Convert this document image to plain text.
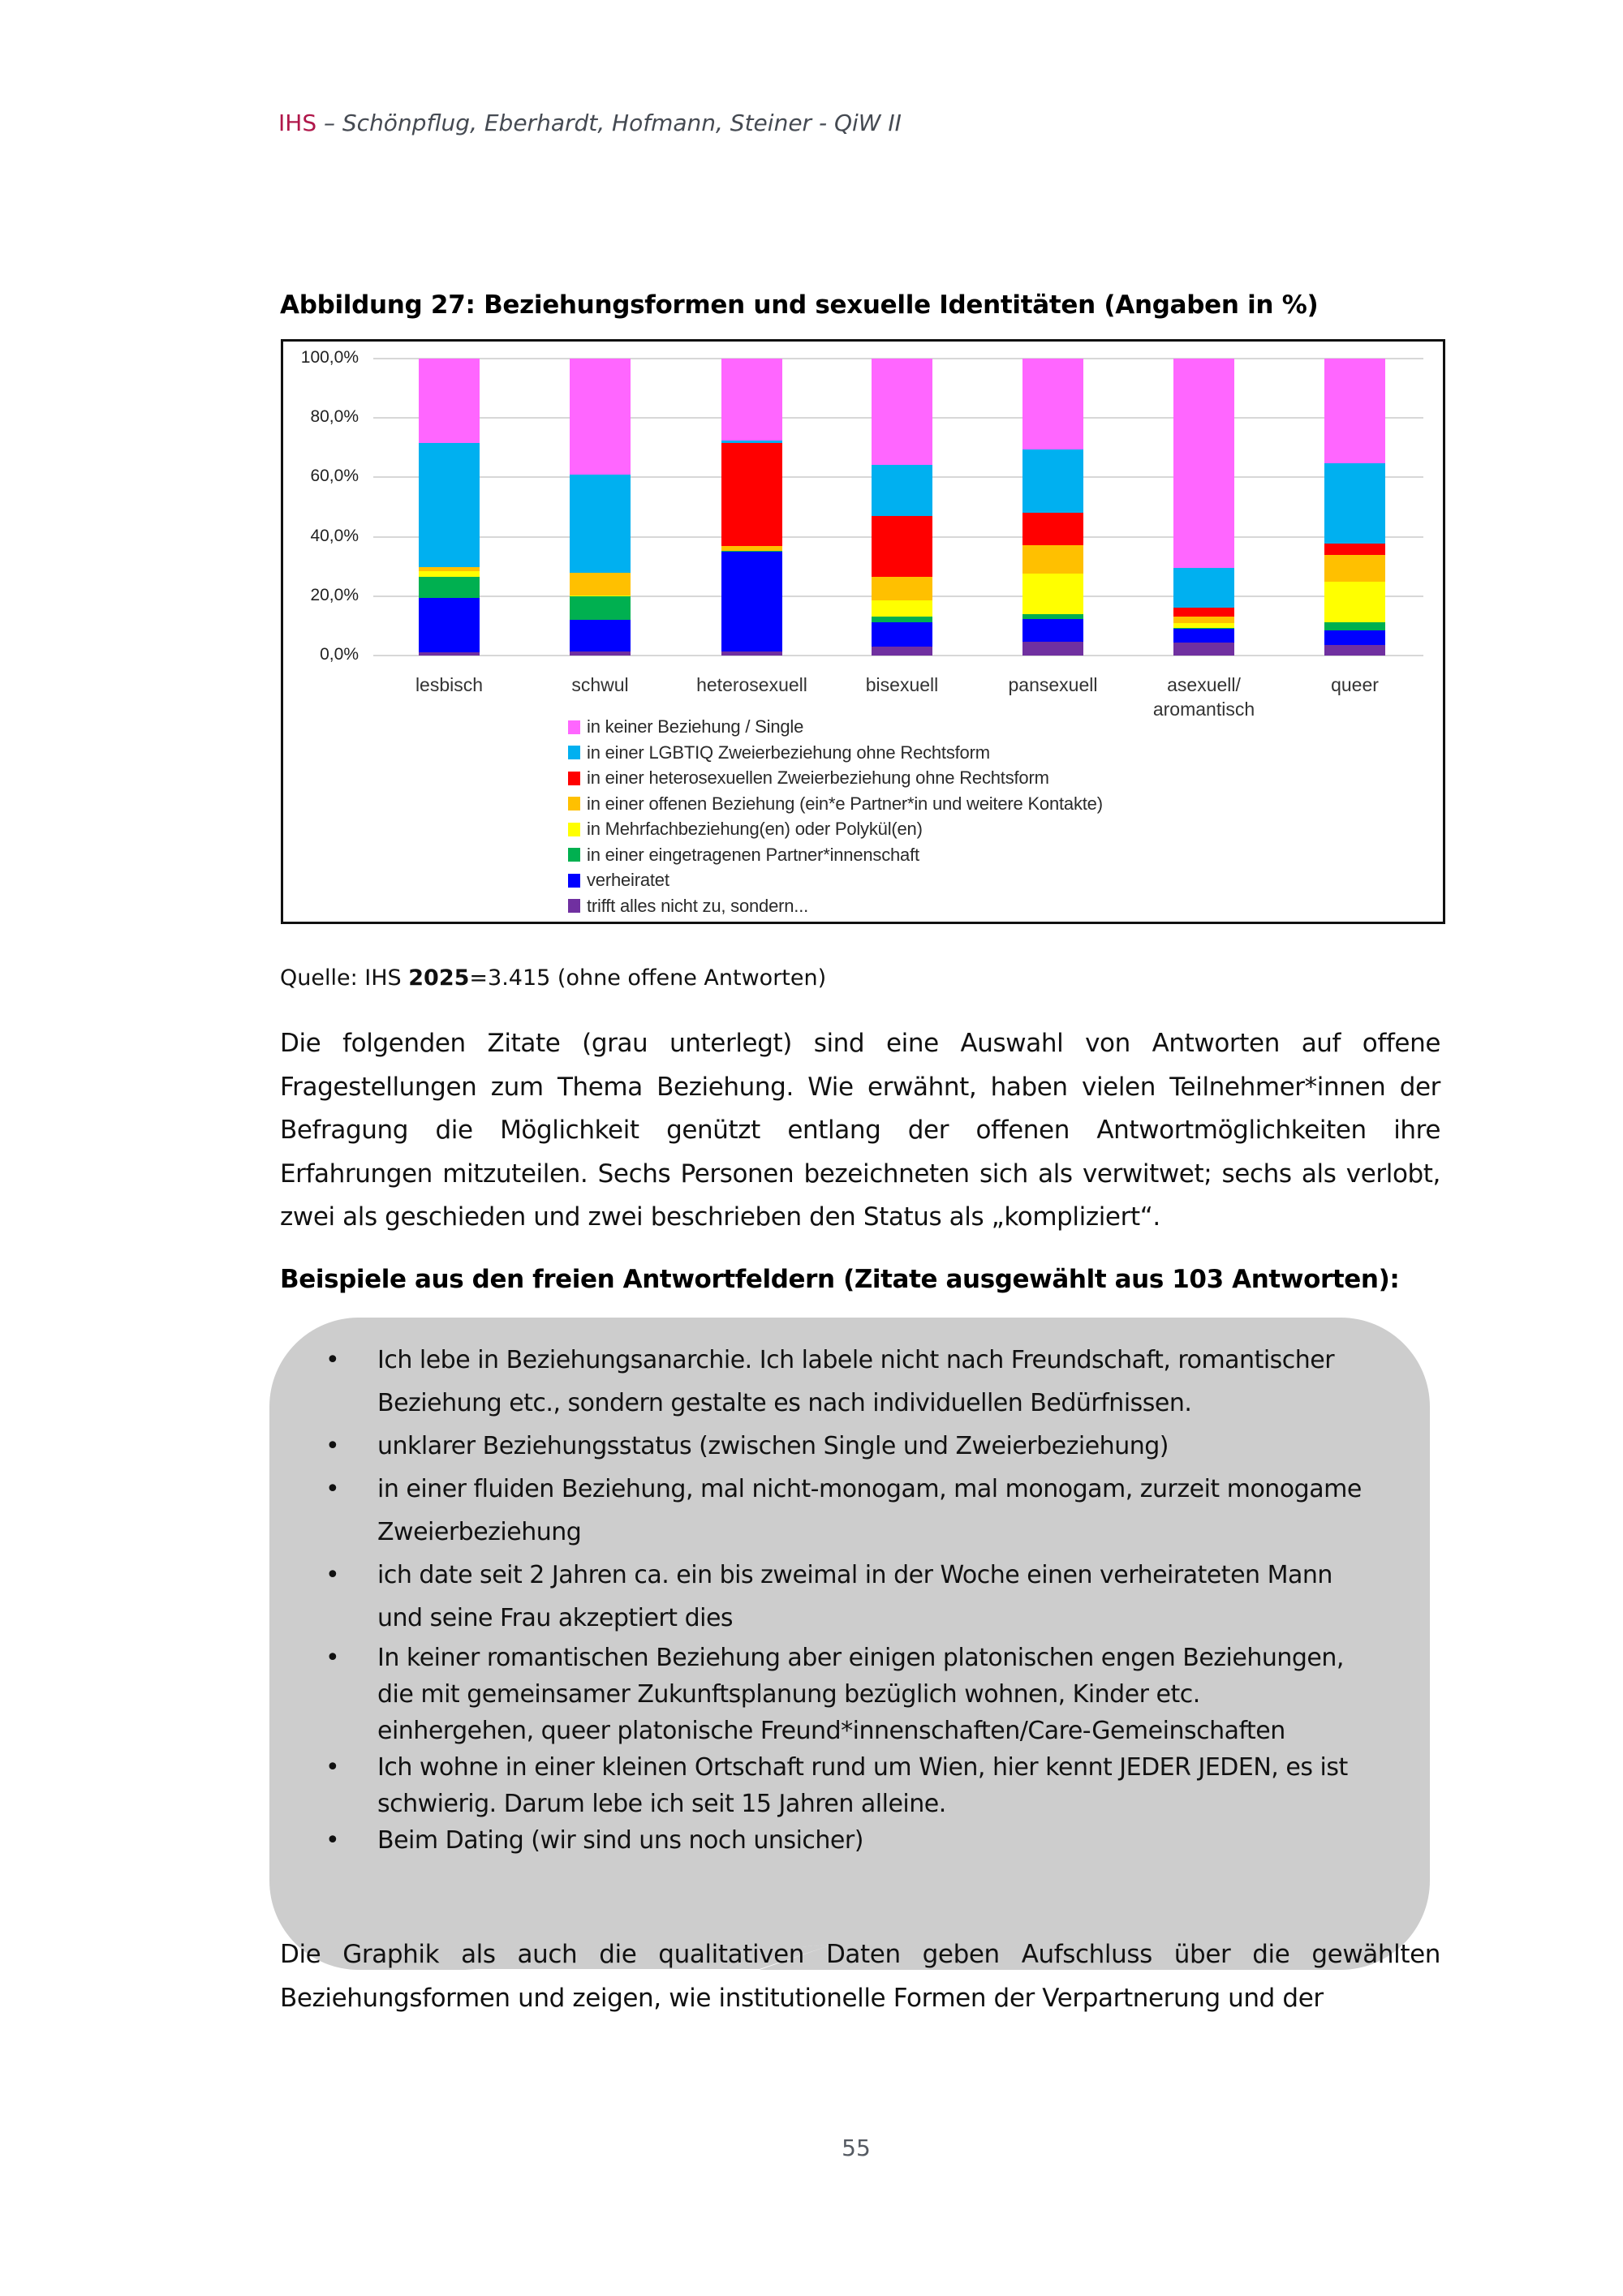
IHS – Schönpflug, Eberhardt, Hofmann, Steiner - QiW II
Abbildung 27: Beziehungsformen und sexuelle Identitäten (Angaben in %)
0,0%
20,0%
40,0%
60,0%
80,0%
100,0%
lesbisch	schwul	heterosexuell	bisexuell	pansexuell	asexuell/
aromantisch
queer
in keiner Beziehung / Single
in einer LGBTIQ Zweierbeziehung ohne Rechtsform
in einer heterosexuellen Zweierbeziehung ohne Rechtsform
in einer offenen Beziehung (ein*e Partner*in und weitere Kontakte)
in Mehrfachbeziehung(en) oder Polykül(en)
in einer eingetragenen Partner*innenschaft
verheiratet
trifft alles nicht zu, sondern...
Quelle: IHS 2025=3.415 (ohne offene Antworten)

Die folgenden Zitate (grau unterlegt) sind eine Auswahl von Antworten auf offene Fragestellungen zum Thema Beziehung. Wie erwähnt, haben vielen Teilnehmer*innen der Befragung die Möglichkeit genützt entlang der offenen Antwortmöglichkeiten ihre Erfahrungen mitzuteilen. Sechs Personen bezeichneten sich als verwitwet; sechs als verlobt, zwei als geschieden und zwei beschrieben den Status als „kompliziert“.

Beispiele aus den freien Antwortfeldern (Zitate ausgewählt aus 103 Antworten):
• Ich lebe in Beziehungsanarchie. Ich labele nicht nach Freundschaft, romantischer
Beziehung etc., sondern gestalte es nach individuellen Bedürfnissen.
• unklarer Beziehungsstatus (zwischen Single und Zweierbeziehung)
• in einer fluiden Beziehung, mal nicht-monogam, mal monogam, zurzeit monogame
Zweierbeziehung
• ich date seit 2 Jahren ca. ein bis zweimal in der Woche einen verheirateten Mann
und seine Frau akzeptiert dies
• In keiner romantischen Beziehung aber einigen platonischen engen Beziehungen,
die mit gemeinsamer Zukunftsplanung bezüglich wohnen, Kinder etc.
einhergehen, queer platonische Freund*innenschaften/Care-Gemeinschaften
• Ich wohne in einer kleinen Ortschaft rund um Wien, hier kennt JEDER JEDEN, es ist
schwierig. Darum lebe ich seit 15 Jahren alleine.
• Beim Dating (wir sind uns noch unsicher)

Die Graphik als auch die qualitativen Daten geben Aufschluss über die gewählten Beziehungsformen und zeigen, wie institutionelle Formen der Verpartnerung und der

55
